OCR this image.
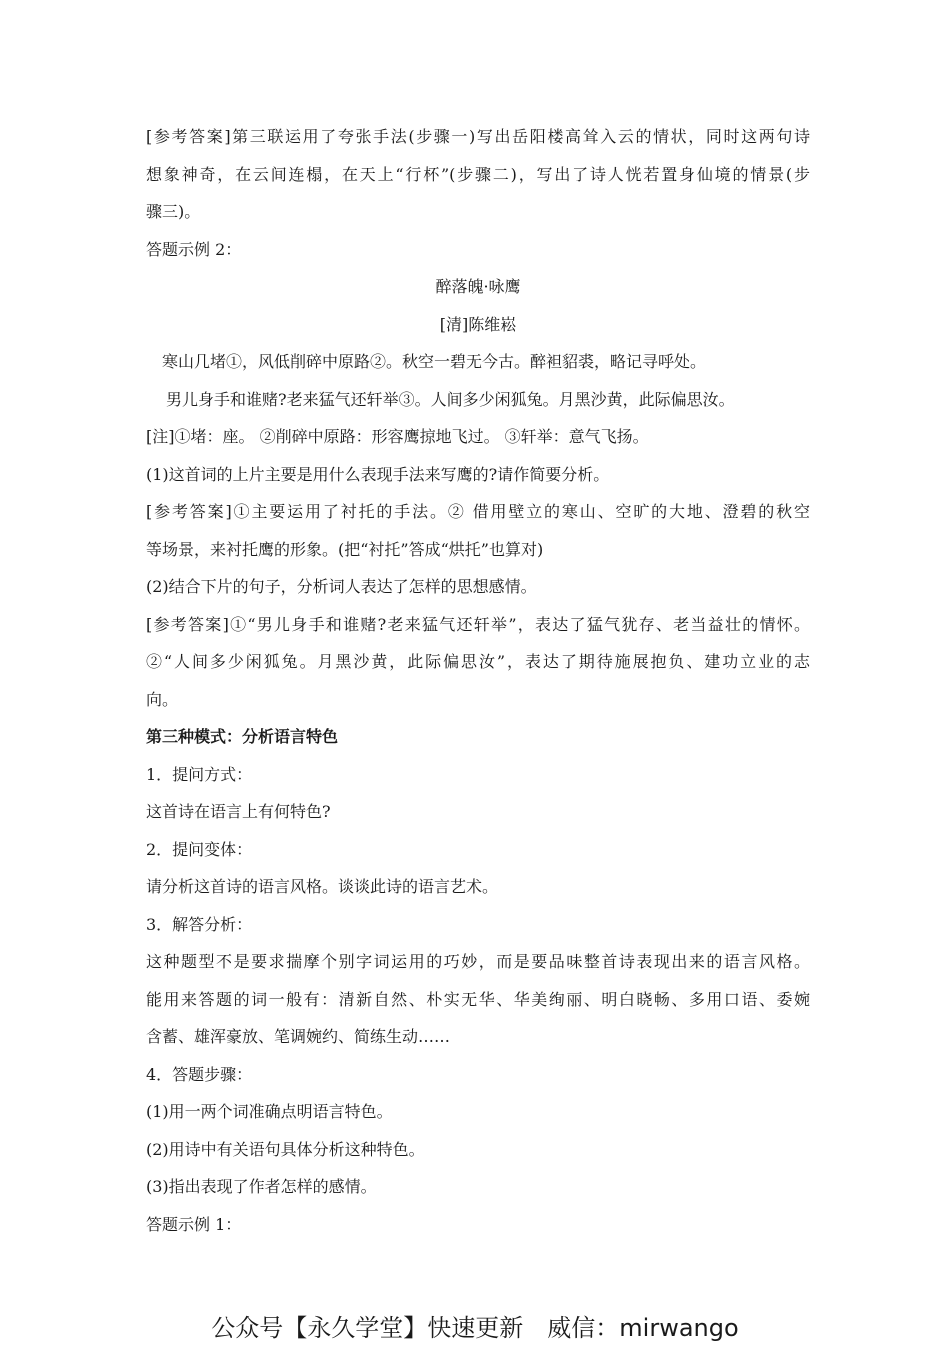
[参考答案]第三联运用了夸张手法(步骤一)写出岳阳楼高耸入云的情状，同时这两句诗
想象神奇，在云间连榻，在天上“行杯”(步骤二)，写出了诗人恍若置身仙境的情景(步
骤三)。
答题示例 2：
醉落魄·咏鹰
[清]陈维崧
寒山几堵①，风低削碎中原路②。秋空一碧无今古。醉袒貂裘，略记寻呼处。
男儿身手和谁赌?老来猛气还轩举③。人间多少闲狐兔。月黑沙黄，此际偏思汝。
[注]①堵：座。 ②削碎中原路：形容鹰掠地飞过。 ③轩举：意气飞扬。
(1)这首词的上片主要是用什么表现手法来写鹰的?请作简要分析。
[参考答案]①主要运用了衬托的手法。② 借用壁立的寒山、空旷的大地、澄碧的秋空
等场景，来衬托鹰的形象。(把“衬托”答成“烘托”也算对)
(2)结合下片的句子，分析词人表达了怎样的思想感情。
[参考答案]①“男儿身手和谁赌?老来猛气还轩举”，表达了猛气犹存、老当益壮的情怀。
②“人间多少闲狐兔。月黑沙黄，此际偏思汝”，表达了期待施展抱负、建功立业的志
向。
第三种模式：分析语言特色
1．提问方式：
这首诗在语言上有何特色?
2．提问变体：
请分析这首诗的语言风格。谈谈此诗的语言艺术。
3．解答分析：
这种题型不是要求揣摩个别字词运用的巧妙，而是要品味整首诗表现出来的语言风格。
能用来答题的词一般有：清新自然、朴实无华、华美绚丽、明白晓畅、多用口语、委婉
含蓄、雄浑豪放、笔调婉约、简练生动……
4．答题步骤：
(1)用一两个词准确点明语言特色。
(2)用诗中有关语句具体分析这种特色。
(3)指出表现了作者怎样的感情。
答题示例 1：
公众号【永久学堂】快速更新 威信：mirwango
